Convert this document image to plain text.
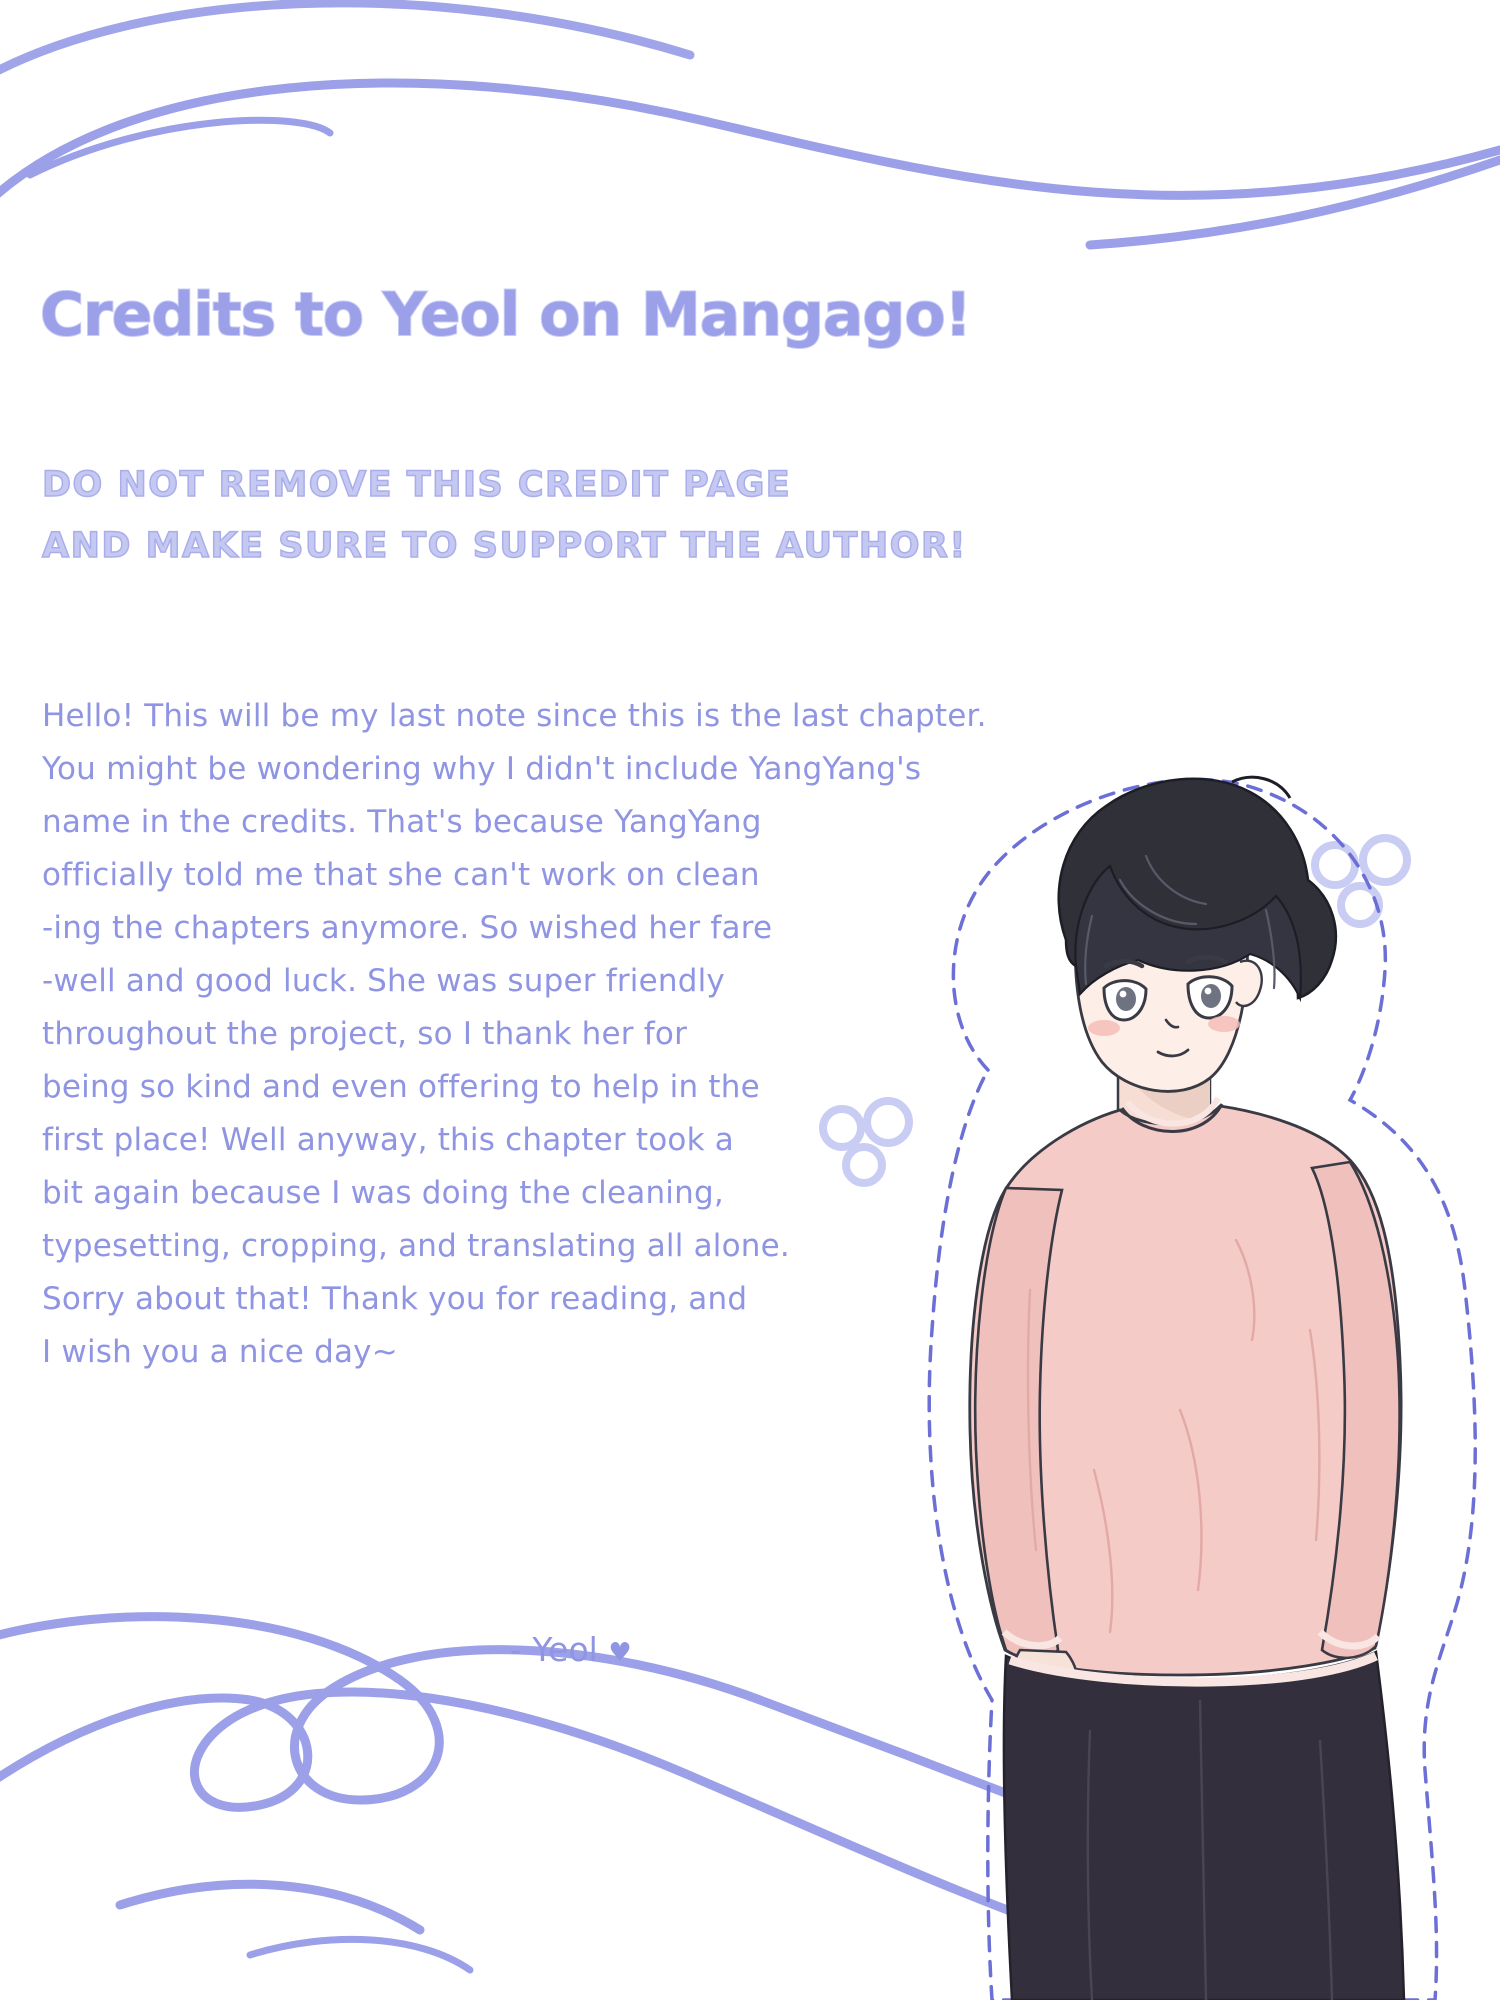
Credits to Yeol on Mangago!
DO NOT REMOVE THIS CREDIT PAGE
AND MAKE SURE TO SUPPORT THE AUTHOR!
Hello! This will be my last note since this is the last chapter.
You might be wondering why I didn't include YangYang's
name in the credits. That's because YangYang
officially told me that she can't work on clean
-ing the chapters anymore. So wished her fare
-well and good luck. She was super friendly
throughout the project, so I thank her for
being so kind and even offering to help in the
first place! Well anyway, this chapter took a
bit again because I was doing the cleaning,
typesetting, cropping, and translating all alone.
Sorry about that! Thank you for reading, and
I wish you a nice day~
- Yeol ♥
